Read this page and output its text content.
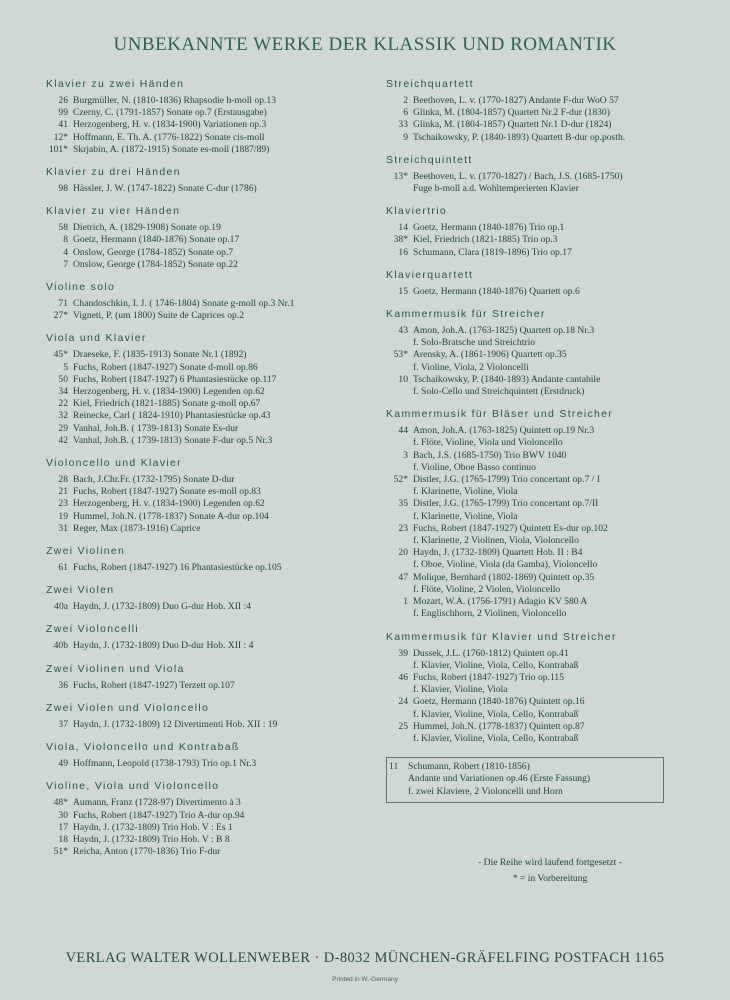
UNBEKANNTE WERKE DER KLASSIK UND ROMANTIK
Klavier zu zwei Händen
26 Burgmüller, N. (1810-1836) Rhapsodie h-moll op.13
99 Czerny, C. (1791-1857) Sonate op.7 (Erstausgabe)
41 Herzogenberg, H. v. (1834-1900) Variationen op.3
12* Hoffmann, E. Th. A. (1776-1822) Sonate cis-moll
101* Skrjabin, A. (1872-1915) Sonate es-moll (1887/89)
Klavier zu drei Händen
98 Hässler, J. W. (1747-1822) Sonate C-dur (1786)
Klavier zu vier Händen
58 Dietrich, A. (1829-1908) Sonate op.19
8 Goetz, Hermann (1840-1876) Sonate op.17
4 Onslow, George (1784-1852) Sonate op.7
7 Onslow, George (1784-1852) Sonate op.22
Violine solo
71 Chandoschkin, I. J. ( 1746-1804) Sonate g-moll op.3 Nr.1
27* Vigneti, P. (um 1800) Suite de Caprices op.2
Viola und Klavier
45* Draeseke, F. (1835-1913) Sonate Nr.1 (1892)
5 Fuchs, Robert (1847-1927) Sonate d-moll op.86
50 Fuchs, Robert (1847-1927) 6 Phantasiestücke op.117
34 Herzogenberg, H. v. (1834-1900) Legenden op.62
22 Kiel, Friedrich (1821-1885) Sonate g-moll op.67
32 Reinecke, Carl ( 1824-1910) Phantasiestücke op.43
29 Vanhal, Joh.B. ( 1739-1813) Sonate Es-dur
42 Vanhal, Joh.B. ( 1739-1813) Sonate F-dur op.5 Nr.3
Violoncello und Klavier
28 Bach, J.Chr.Fr. (1732-1795) Sonate D-dur
21 Fuchs, Robert (1847-1927) Sonate es-moll op.83
23 Herzogenberg, H. v. (1834-1900) Legenden op.62
19 Hummel, Joh.N. (1778-1837) Sonate A-dur op.104
31 Reger, Max (1873-1916) Caprice
Zwei Violinen
61 Fuchs, Robert (1847-1927) 16 Phantasiestücke op.105
Zwei Violen
40a Haydn, J. (1732-1809) Duo G-dur Hob. XII :4
Zwei Violoncelli
40b Haydn, J. (1732-1809) Duo D-dur Hob. XII : 4
Zwei Violinen und Viola
36 Fuchs, Robert (1847-1927) Terzett op.107
Zwei Violen und Violoncello
37 Haydn, J. (1732-1809) 12 Divertimenti Hob. XII : 19
Viola, Violoncello und Kontrabaß
49 Hoffmann, Leopold (1738-1793) Trio op.1 Nr.3
Violine, Viola und Violoncello
48* Aumann, Franz (1728-97) Divertimento à 3
30 Fuchs, Robert (1847-1927) Trio A-dur op.94
17 Haydn, J. (1732-1809) Trio Hob. V : Es 1
18 Haydn, J. (1732-1809) Trio Hob. V : B 8
51* Reicha, Anton (1770-1836) Trio F-dur
Streichquartett
2 Beethoven, L. v. (1770-1827) Andante F-dur WoO 57
6 Glinka, M. (1804-1857) Quartett Nr.2 F-dur (1830)
33 Glinka, M. (1804-1857) Quartett Nr.1 D-dur (1824)
9 Tschaikowsky, P. (1840-1893) Quartett B-dur op.posth.
Streichquintett
13* Beethoven, L. v. (1770-1827) / Bach, J.S. (1685-1750)
Fuge b-moll a.d. Wohltemperierten Klavier
Klaviertrio
14 Goetz, Hermann (1840-1876) Trio op.1
38* Kiel, Friedrich (1821-1885) Trio op.3
16 Schumann, Clara (1819-1896) Trio op.17
Klavierquartett
15 Goetz, Hermann (1840-1876) Quartett op.6
Kammermusik für Streicher
43 Amon, Joh.A. (1763-1825) Quartett op.18 Nr.3
f. Solo-Bratsche und Streichtrio
53* Arensky, A. (1861-1906) Quartett op.35
f. Violine, Viola, 2 Violoncelli
10 Tschaikowsky, P. (1840-1893) Andante cantabile
f. Solo-Cello und Streichquintett (Erstdruck)
Kammermusik für Bläser und Streicher
44 Amon, Joh.A. (1763-1825) Quintett op.19 Nr.3
f. Flöte, Violine, Viola und Violoncello
3 Bach, J.S. (1685-1750) Trio BWV 1040
f. Violine, Oboe Basso continuo
52* Distler, J.G. (1765-1799) Trio concertant op.7 / I
f. Klarinette, Violine, Viola
35 Distler, J.G. (1765-1799) Trio concertant op.7/II
f. Klarinette, Violine, Viola
23 Fuchs, Robert (1847-1927) Quintett Es-dur op.102
f. Klarinette, 2 Violinen, Viola, Violoncello
20 Haydn, J. (1732-1809) Quartett Hob. II : B4
f. Oboe, Violine, Viola (da Gamba), Violoncello
47 Molique, Bernhard (1802-1869) Quintett op.35
f. Flöte, Violine, 2 Violen, Violoncello
1 Mozart, W.A. (1756-1791) Adagio KV 580 A
f. Englischhorn, 2 Violinen, Violoncello
Kammermusik für Klavier und Streicher
39 Dussek, J.L. (1760-1812) Quintett op.41
f. Klavier, Violine, Viola, Cello, Kontrabaß
46 Fuchs, Robert (1847-1927) Trio op.115
f. Klavier, Violine, Viola
24 Goetz, Hermann (1840-1876) Quintett op.16
f. Klavier, Violine, Viola, Cello, Kontrabaß
25 Hummel, Joh.N. (1778-1837) Quintett op.87
f. Klavier, Violine, Viola, Cello, Kontrabaß
11	Schumann, Robert (1810-1856)
Andante und Variationen op.46 (Erste Fassung)
f. zwei Klaviere, 2 Violoncelli und Horn
- Die Reihe wird laufend fortgesetzt -
* = in Vorbereitung
VERLAG WALTER WOLLENWEBER · D-8032 MÜNCHEN-GRÄFELFING POSTFACH 1165
Printed in W.-Germany
